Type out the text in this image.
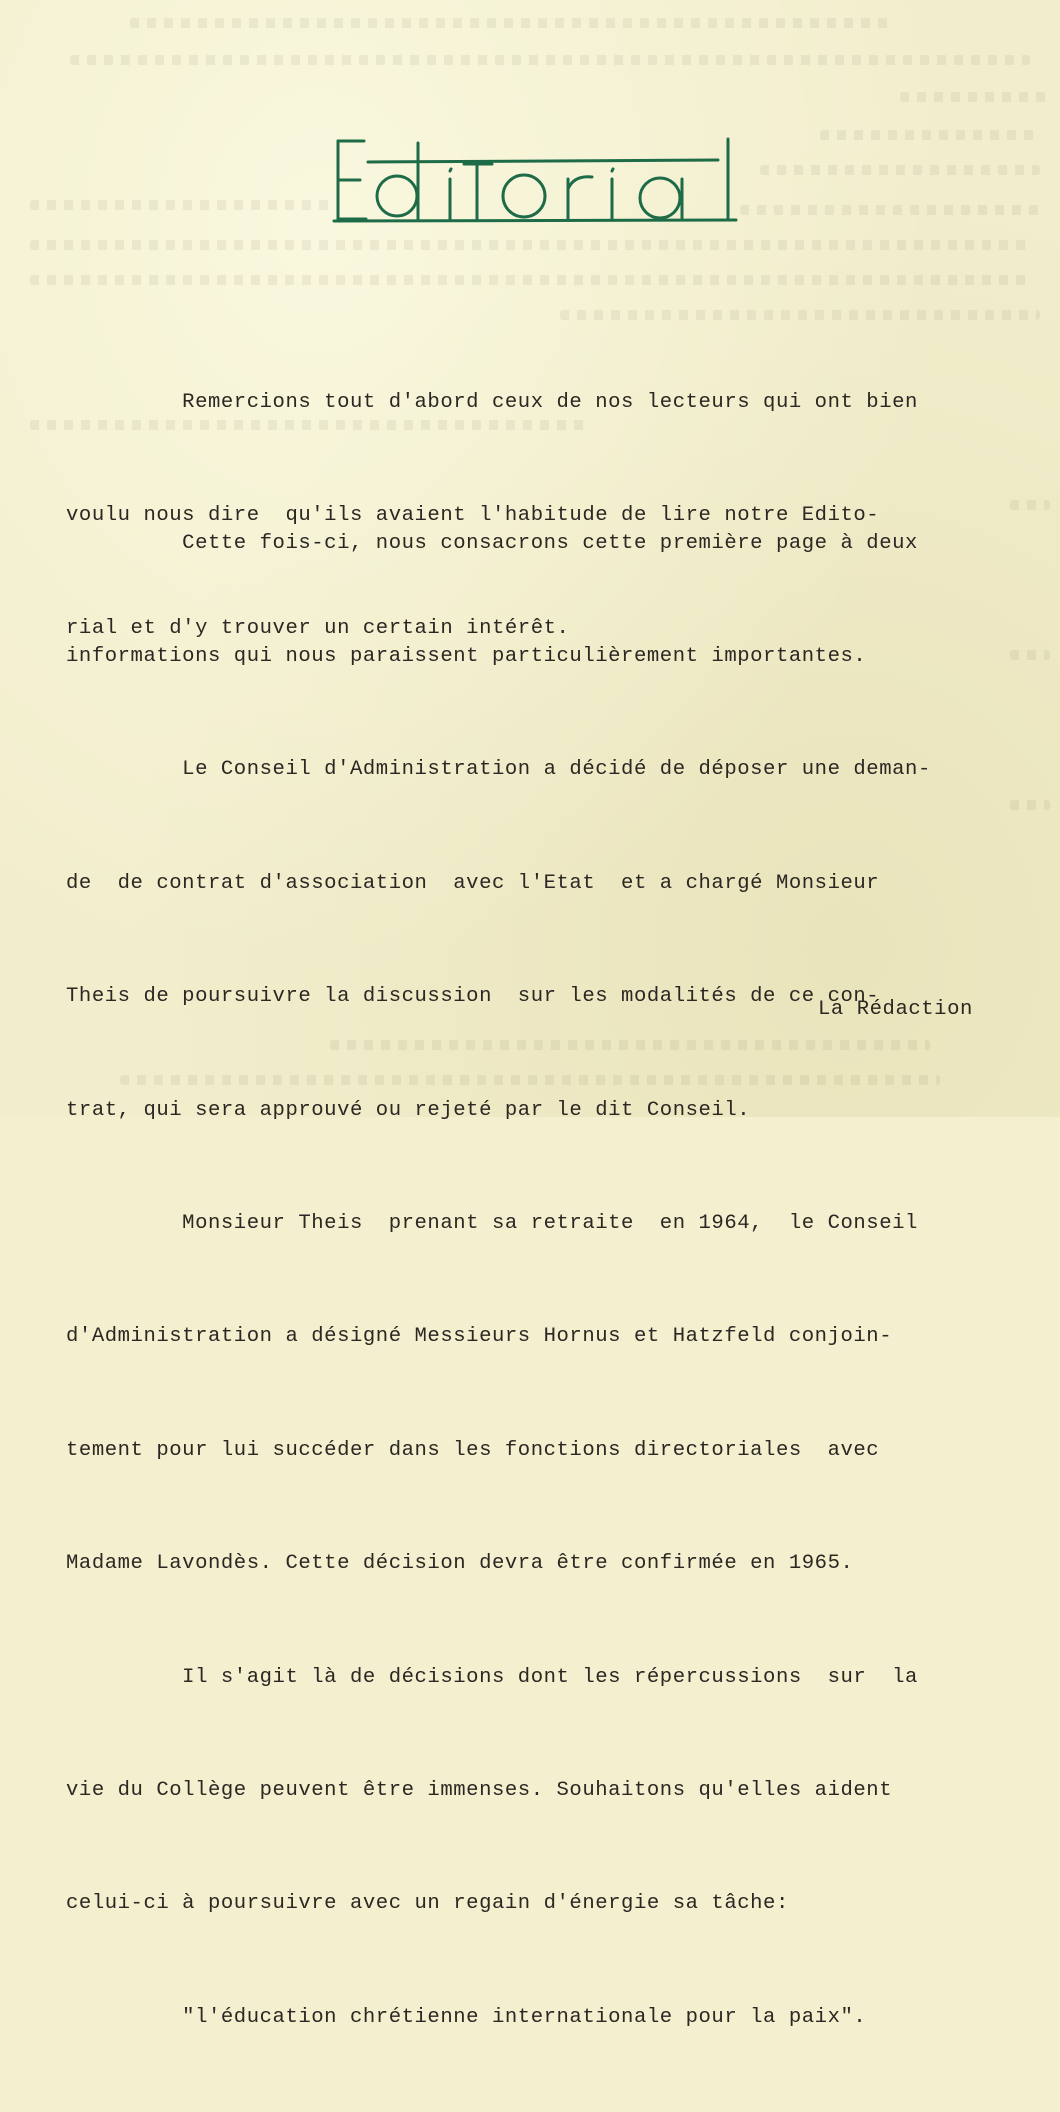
Remercions tout d'abord ceux de nos lecteurs qui ont bien

voulu nous dire  qu'ils avaient l'habitude de lire notre Edito-

rial et d'y trouver un certain intérêt.

Cette fois-ci, nous consacrons cette première page à deux

informations qui nous paraissent particulièrement importantes.

Le Conseil d'Administration a décidé de déposer une deman-

de  de contrat d'association  avec l'Etat  et a chargé Monsieur

Theis de poursuivre la discussion  sur les modalités de ce con-

trat, qui sera approuvé ou rejeté par le dit Conseil.

Monsieur Theis  prenant sa retraite  en 1964,  le Conseil

d'Administration a désigné Messieurs Hornus et Hatzfeld conjoin-

tement pour lui succéder dans les fonctions directoriales  avec

Madame Lavondès. Cette décision devra être confirmée en 1965.

Il s'agit là de décisions dont les répercussions  sur  la

vie du Collège peuvent être immenses. Souhaitons qu'elles aident

celui-ci à poursuivre avec un regain d'énergie sa tâche:

"l'éducation chrétienne internationale pour la paix".

La Rédaction
